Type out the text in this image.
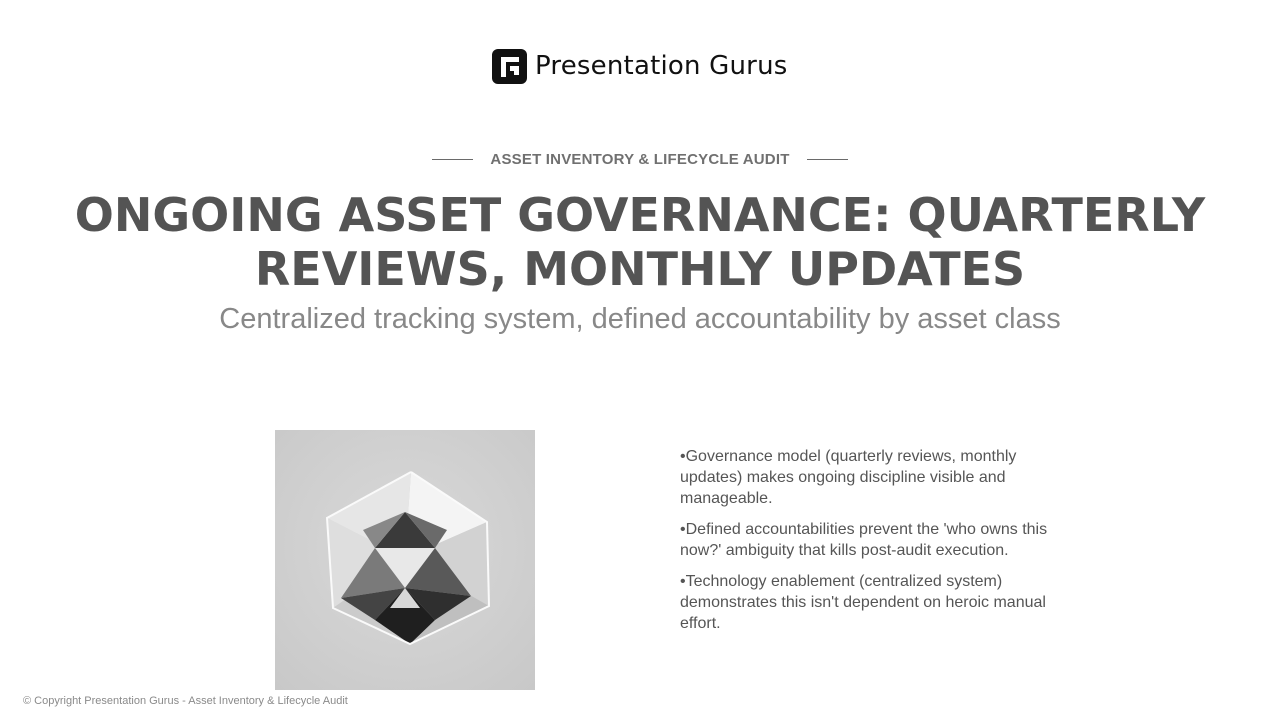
Presentation Gurus
ASSET INVENTORY & LIFECYCLE AUDIT
ONGOING ASSET GOVERNANCE: QUARTERLY REVIEWS, MONTHLY UPDATES

Centralized tracking system, defined accountability by asset class

• Governance model (quarterly reviews, monthly updates) makes ongoing discipline visible and manageable.
• Defined accountabilities prevent the 'who owns this now?' ambiguity that kills post-audit execution.
• Technology enablement (centralized system) demonstrates this isn't dependent on heroic manual effort.
© Copyright Presentation Gurus - Asset Inventory & Lifecycle Audit
